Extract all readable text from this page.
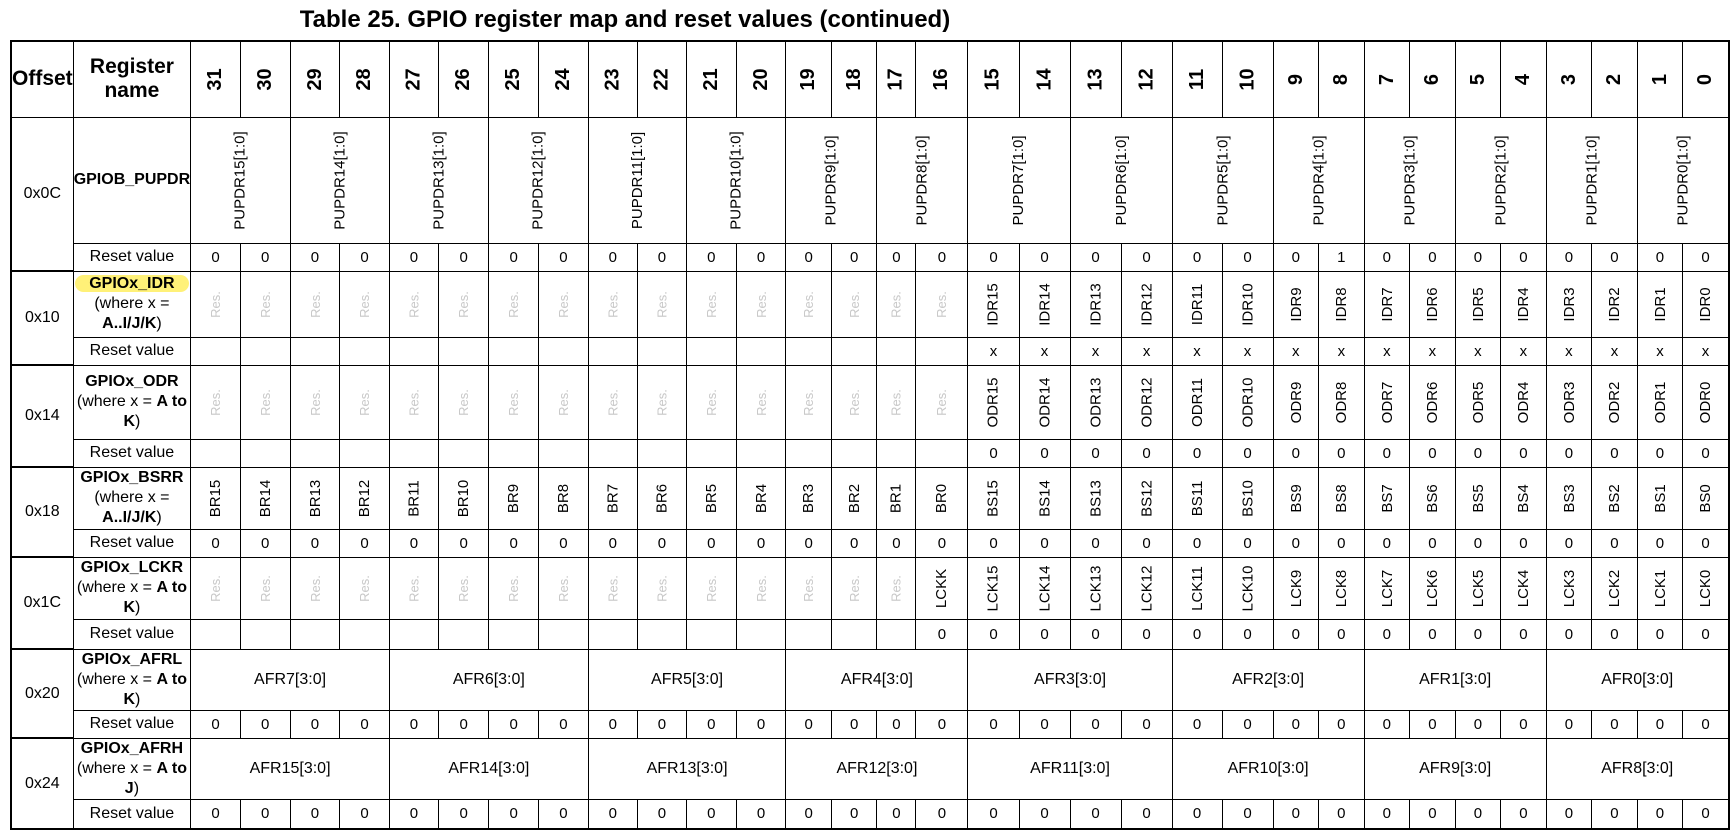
Table 25. GPIO register map and reset values (continued)
Offset	Register name	31	30	29	28	27	26	25	24	23	22	21	20	19	18	17	16	15	14	13	12	11	10	9	8	7	6	5	4	3	2	1	0

0x0C	GPIOB_PUPDR	PUPDR15[1:0]		PUPDR14[1:0]		PUPDR13[1:0]		PUPDR12[1:0]		PUPDR11[1:0]		PUPDR10[1:0]		PUPDR9[1:0]		PUPDR8[1:0]		PUPDR7[1:0]		PUPDR6[1:0]		PUPDR5[1:0]		PUPDR4[1:0]		PUPDR3[1:0]		PUPDR2[1:0]		PUPDR1[1:0]		PUPDR0[1:0]	

	Reset value	0	0	0	0	0	0	0	0	0	0	0	0	0	0	0	0	0	0	0	0	0	0	0	1	0	0	0	0	0	0	0	0
0x10	GPIOx_IDR
(where x = A..I/J/K)	Res.	Res.	Res.	Res.	Res.	Res.	Res.	Res.	Res.	Res.	Res.	Res.	Res.	Res.	Res.	Res.	IDR15	IDR14	IDR13	IDR12	IDR11	IDR10	IDR9	IDR8	IDR7	IDR6	IDR5	IDR4	IDR3	IDR2	IDR1	IDR0

	Reset value																	x	x	x	x	x	x	x	x	x	x	x	x	x	x	x	x
0x14	GPIOx_ODR
(where x = A to K)	Res.	Res.	Res.	Res.	Res.	Res.	Res.	Res.	Res.	Res.	Res.	Res.	Res.	Res.	Res.	Res.	ODR15	ODR14	ODR13	ODR12	ODR11	ODR10	ODR9	ODR8	ODR7	ODR6	ODR5	ODR4	ODR3	ODR2	ODR1	ODR0

	Reset value																	0	0	0	0	0	0	0	0	0	0	0	0	0	0	0	0
0x18	GPIOx_BSRR
(where x = A..I/J/K)	BR15	BR14	BR13	BR12	BR11	BR10	BR9	BR8	BR7	BR6	BR5	BR4	BR3	BR2	BR1	BR0	BS15	BS14	BS13	BS12	BS11	BS10	BS9	BS8	BS7	BS6	BS5	BS4	BS3	BS2	BS1	BS0

	Reset value	0	0	0	0	0	0	0	0	0	0	0	0	0	0	0	0	0	0	0	0	0	0	0	0	0	0	0	0	0	0	0	0
0x1C	GPIOx_LCKR
(where x = A to K)	Res.	Res.	Res.	Res.	Res.	Res.	Res.	Res.	Res.	Res.	Res.	Res.	Res.	Res.	Res.	LCKK	LCK15	LCK14	LCK13	LCK12	LCK11	LCK10	LCK9	LCK8	LCK7	LCK6	LCK5	LCK4	LCK3	LCK2	LCK1	LCK0

	Reset value																0	0	0	0	0	0	0	0	0	0	0	0	0	0	0	0	0
0x20	GPIOx_AFRL
(where x = A to K)	AFR7[3:0]				AFR6[3:0]				AFR5[3:0]				AFR4[3:0]				AFR3[3:0]				AFR2[3:0]				AFR1[3:0]				AFR0[3:0]			
	Reset value	0	0	0	0	0	0	0	0	0	0	0	0	0	0	0	0	0	0	0	0	0	0	0	0	0	0	0	0	0	0	0	0
0x24	GPIOx_AFRH
(where x = A to J)	AFR15[3:0]				AFR14[3:0]				AFR13[3:0]				AFR12[3:0]				AFR11[3:0]				AFR10[3:0]				AFR9[3:0]				AFR8[3:0]			
	Reset value	0	0	0	0	0	0	0	0	0	0	0	0	0	0	0	0	0	0	0	0	0	0	0	0	0	0	0	0	0	0	0	0
